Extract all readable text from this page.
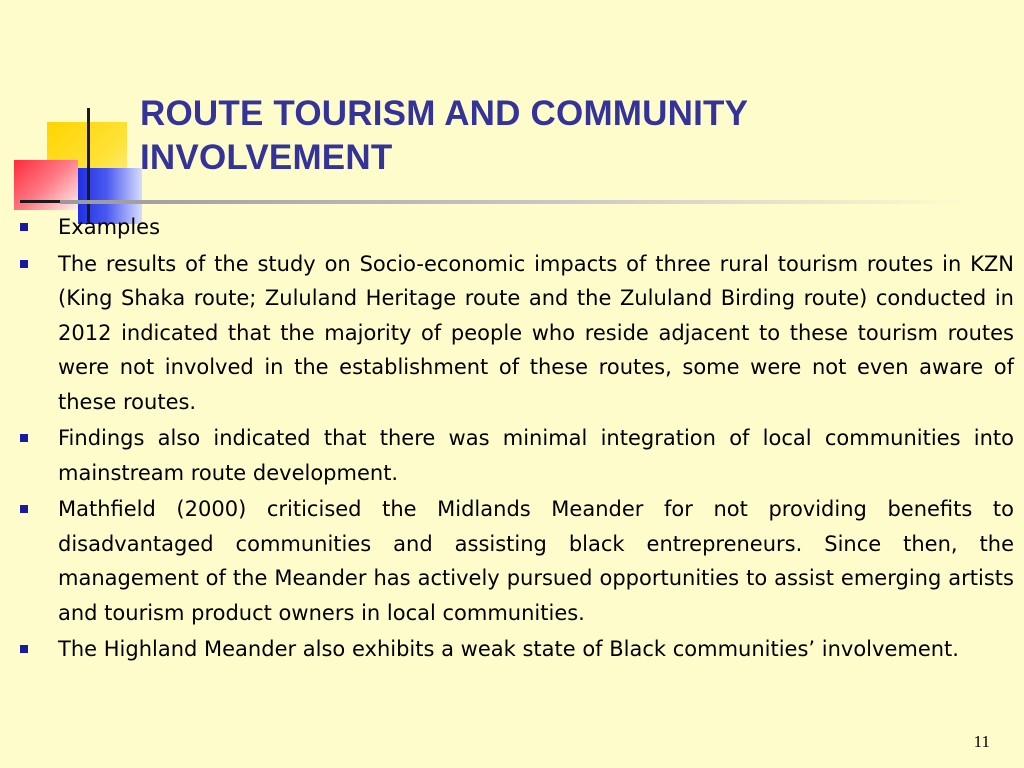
ROUTE TOURISM AND COMMUNITY INVOLVEMENT
Examples
The results of the study on Socio-economic impacts of three rural tourism routes in KZN (King Shaka route; Zululand Heritage route and the Zululand Birding route) conducted in 2012 indicated that the majority of people who reside adjacent to these tourism routes were not involved in the establishment of these routes, some were not even aware of these routes.
Findings also indicated that there was minimal integration of local communities into mainstream route development.
Mathfield (2000) criticised the Midlands Meander for not providing benefits to disadvantaged communities and assisting black entrepreneurs. Since then, the management of the Meander has actively pursued opportunities to assist emerging artists and tourism product owners in local communities.
The Highland Meander also exhibits a weak state of Black communities’ involvement.
11
